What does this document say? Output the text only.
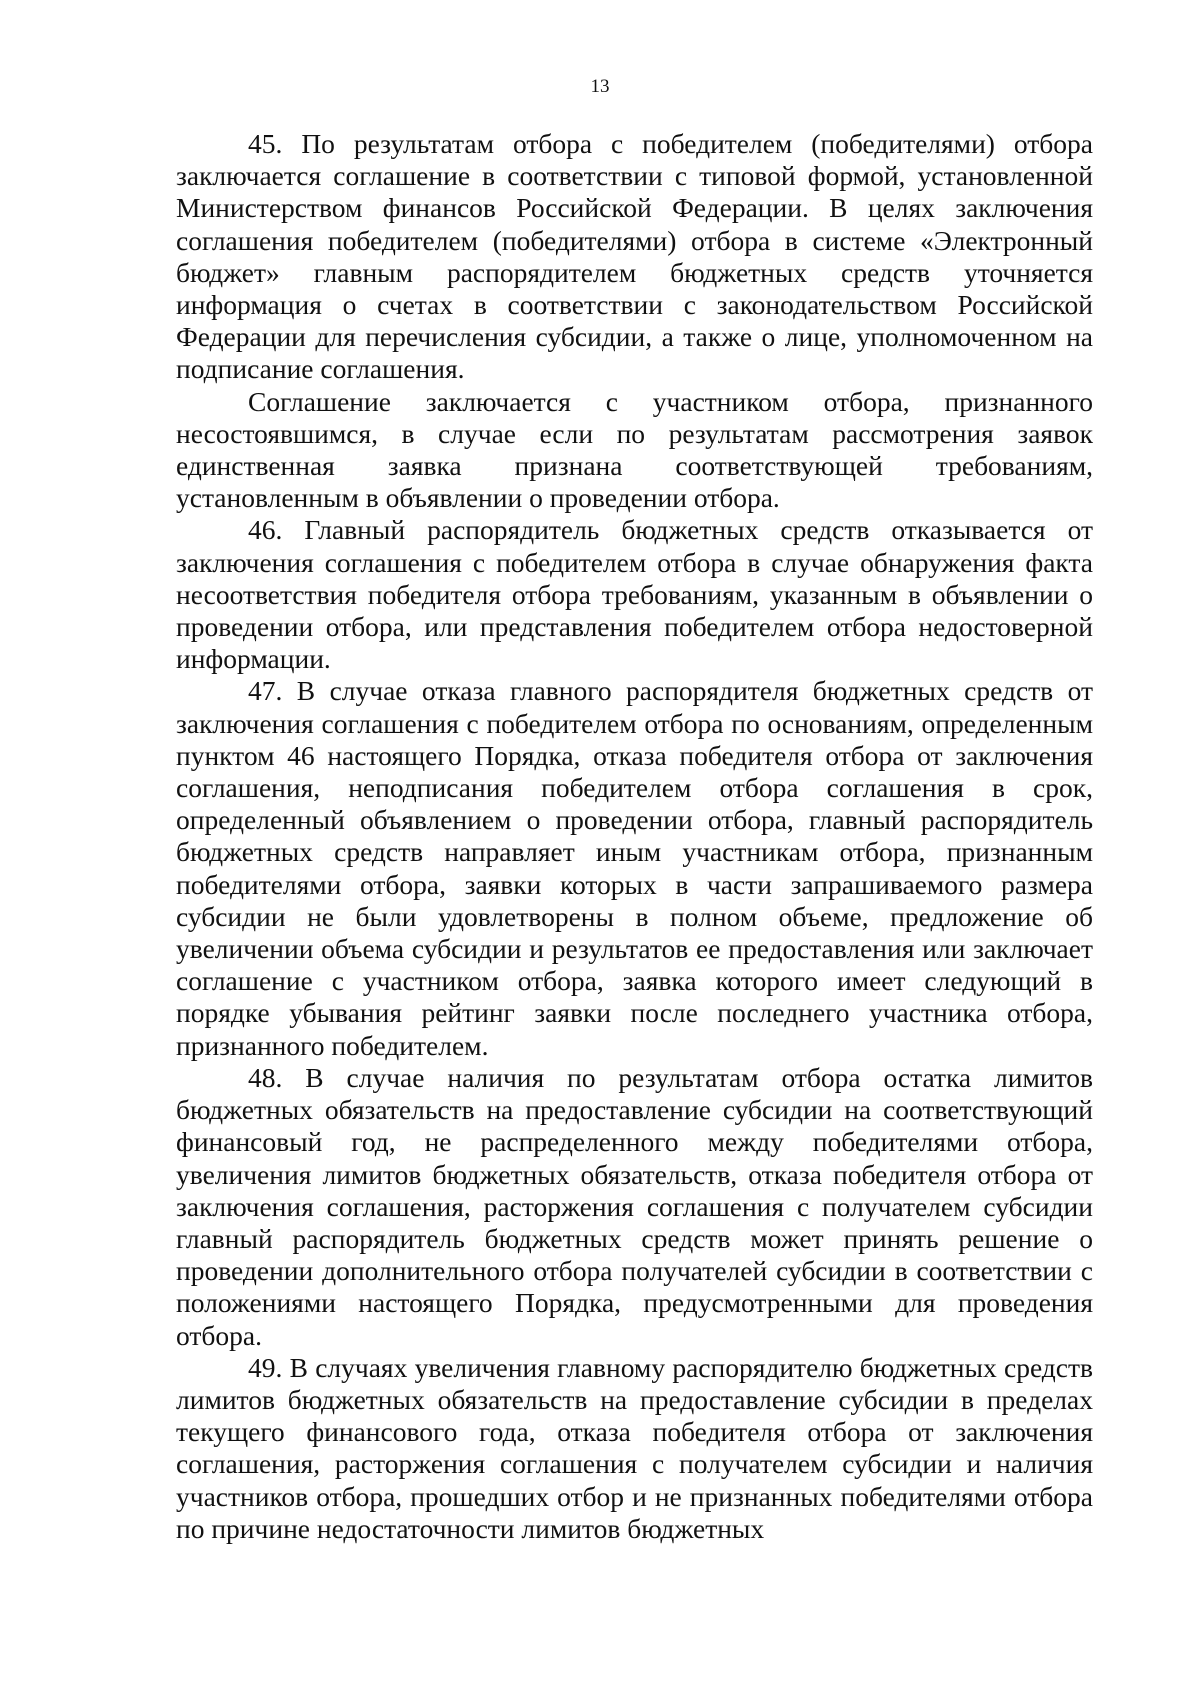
13

45. По результатам отбора с победителем (победителями) отбора заключается соглашение в соответствии с типовой формой, установленной Министерством финансов Российской Федерации. В целях заключения соглашения победителем (победителями) отбора в системе «Электронный бюджет» главным распорядителем бюджетных средств уточняется информация о счетах в соответствии с законодательством Российской Федерации для перечисления субсидии, а также о лице, уполномоченном на подписание соглашения.

Соглашение заключается с участником отбора, признанного несостоявшимся, в случае если по результатам рассмотрения заявок единственная заявка признана соответствующей требованиям, установленным в объявлении о проведении отбора.

46. Главный распорядитель бюджетных средств отказывается от заключения соглашения с победителем отбора в случае обнаружения факта несоответствия победителя отбора требованиям, указанным в объявлении о проведении отбора, или представления победителем отбора недостоверной информации.

47. В случае отказа главного распорядителя бюджетных средств от заключения соглашения с победителем отбора по основаниям, определенным пунктом 46 настоящего Порядка, отказа победителя отбора от заключения соглашения, неподписания победителем отбора соглашения в срок, определенный объявлением о проведении отбора, главный распорядитель бюджетных средств направляет иным участникам отбора, признанным победителями отбора, заявки которых в части запрашиваемого размера субсидии не были удовлетворены в полном объеме, предложение об увеличении объема субсидии и результатов ее предоставления или заключает соглашение с участником отбора, заявка которого имеет следующий в порядке убывания рейтинг заявки после последнего участника отбора, признанного победителем.

48. В случае наличия по результатам отбора остатка лимитов бюджетных обязательств на предоставление субсидии на соответствующий финансовый год, не распределенного между победителями отбора, увеличения лимитов бюджетных обязательств, отказа победителя отбора от заключения соглашения, расторжения соглашения с получателем субсидии главный распорядитель бюджетных средств может принять решение о проведении дополнительного отбора получателей субсидии в соответствии с положениями настоящего Порядка, предусмотренными для проведения отбора.

49. В случаях увеличения главному распорядителю бюджетных средств лимитов бюджетных обязательств на предоставление субсидии в пределах текущего финансового года, отказа победителя отбора от заключения соглашения, расторжения соглашения с получателем субсидии и наличия участников отбора, прошедших отбор и не признанных победителями отбора по причине недостаточности лимитов бюджетных
